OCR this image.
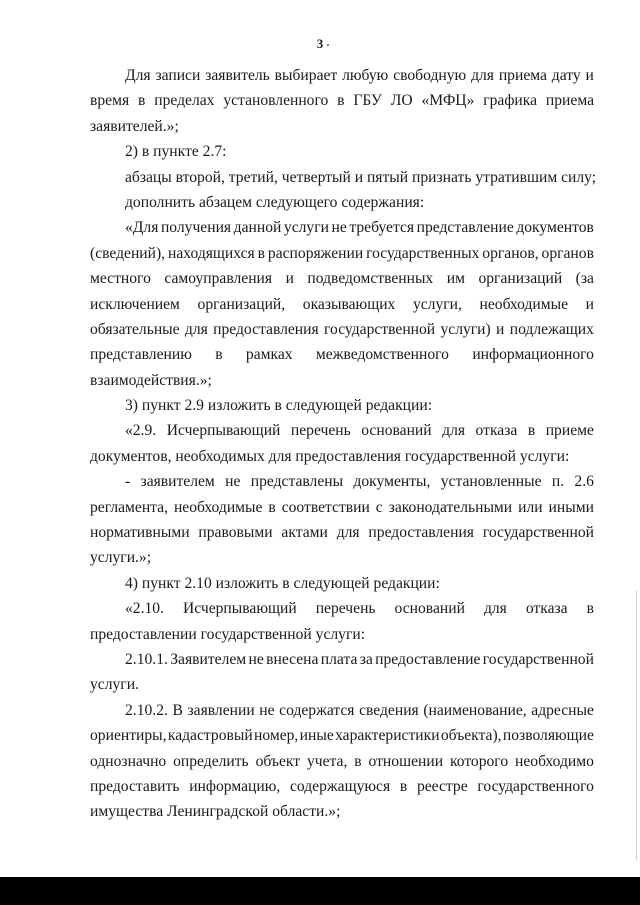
3
Для записи заявитель выбирает любую свободную для приема дату и
время в пределах установленного в ГБУ ЛО «МФЦ» графика приема
заявителей.»;
2) в пункте 2.7:
абзацы второй, третий, четвертый и пятый признать утратившим силу;
дополнить абзацем следующего содержания:
«Для получения данной услуги не требуется представление документов
(сведений), находящихся в распоряжении государственных органов, органов
местного самоуправления и подведомственных им организаций (за
исключением организаций, оказывающих услуги, необходимые и
обязательные для предоставления государственной услуги) и подлежащих
представлению в рамках межведомственного информационного
взаимодействия.»;
3) пункт 2.9 изложить в следующей редакции:
«2.9. Исчерпывающий перечень оснований для отказа в приеме
документов, необходимых для предоставления государственной услуги:
- заявителем не представлены документы, установленные п. 2.6
регламента, необходимые в соответствии с законодательными или иными
нормативными правовыми актами для предоставления государственной
услуги.»;
4) пункт 2.10 изложить в следующей редакции:
«2.10. Исчерпывающий перечень оснований для отказа в
предоставлении государственной услуги:
2.10.1. Заявителем не внесена плата за предоставление государственной
услуги.
2.10.2. В заявлении не содержатся сведения (наименование, адресные
ориентиры, кадастровый номер, иные характеристики объекта), позволяющие
однозначно определить объект учета, в отношении которого необходимо
предоставить информацию, содержащуюся в реестре государственного
имущества Ленинградской области.»;
